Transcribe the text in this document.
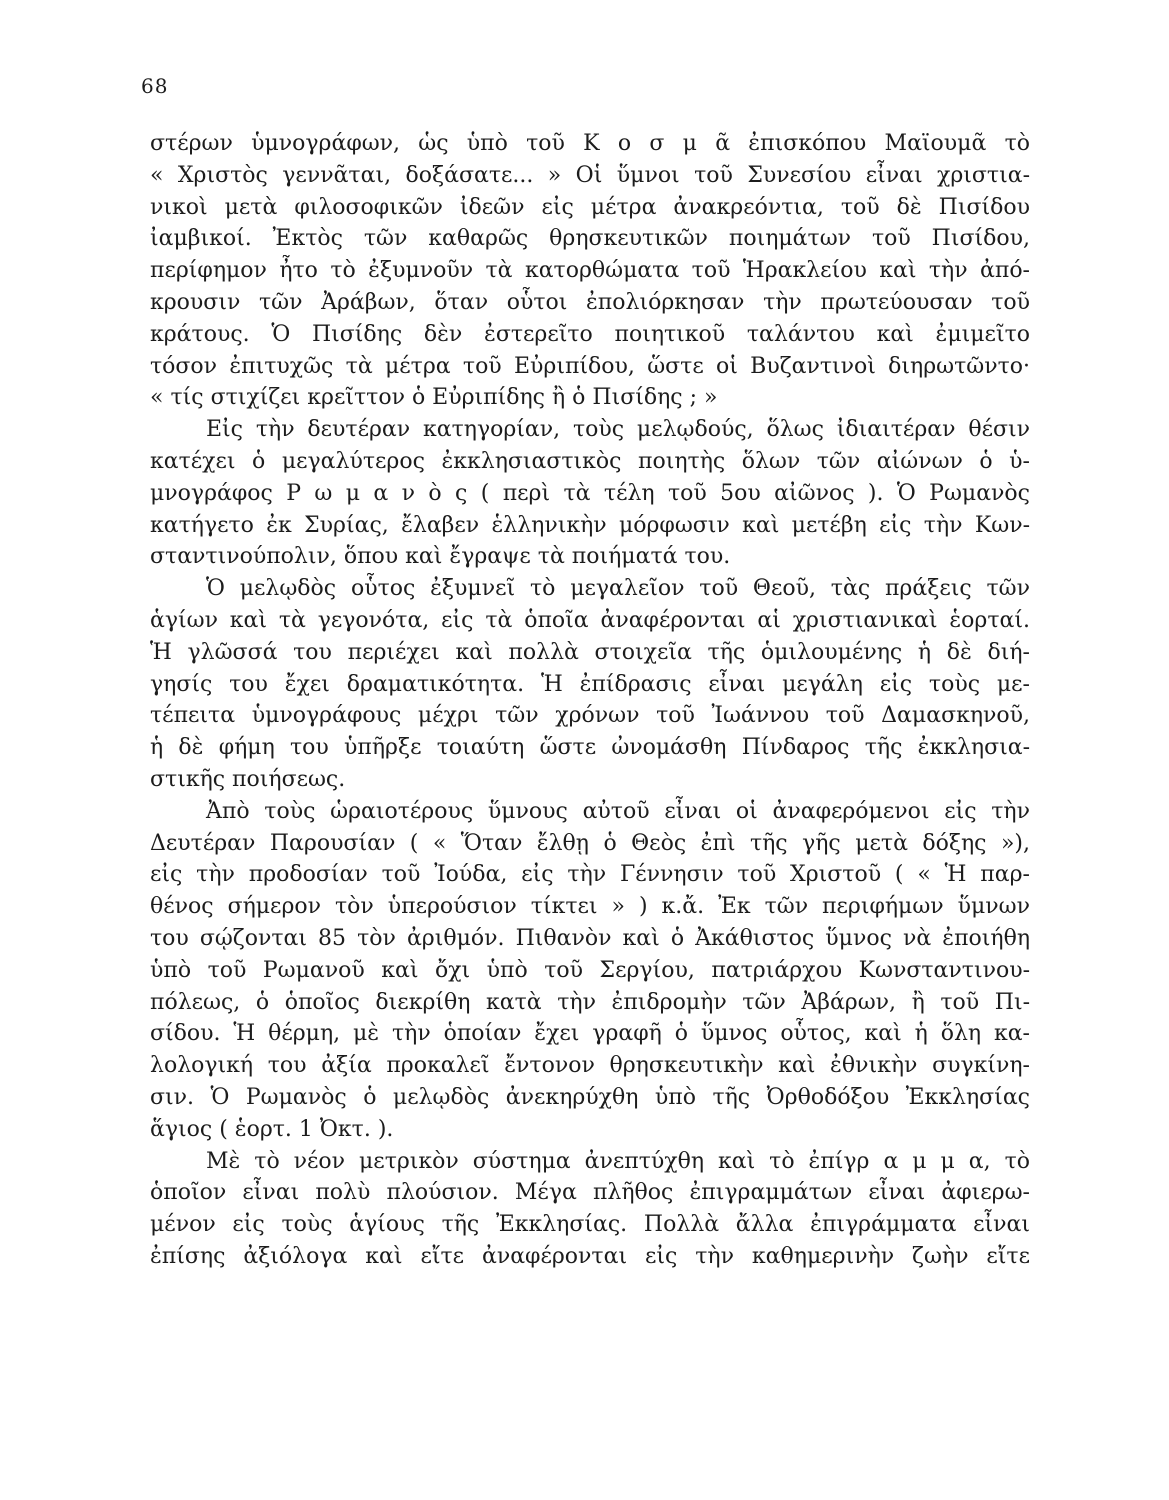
68
στέρων ὑμνογράφων, ὡς ὑπὸ τοῦ Κ ο σ μ ᾶ ἐπισκόπου Μαϊουμᾶ τὸ
« Χριστὸς γεννᾶται, δοξάσατε... » Οἱ ὕμνοι τοῦ Συνεσίου εἶναι χριστια-
νικοὶ μετὰ φιλοσοφικῶν ἰδεῶν εἰς μέτρα ἀνακρεόντια, τοῦ δὲ Πισίδου
ἰαμβικοί. Ἐκτὸς τῶν καθαρῶς θρησκευτικῶν ποιημάτων τοῦ Πισίδου,
περίφημον ἦτο τὸ ἐξυμνοῦν τὰ κατορθώματα τοῦ Ἡρακλείου καὶ τὴν ἀπό-
κρουσιν τῶν Ἀράβων, ὅταν οὗτοι ἐπολιόρκησαν τὴν πρωτεύουσαν τοῦ
κράτους. Ὁ Πισίδης δὲν ἐστερεῖτο ποιητικοῦ ταλάντου καὶ ἐμιμεῖτο
τόσον ἐπιτυχῶς τὰ μέτρα τοῦ Εὐριπίδου, ὥστε οἱ Βυζαντινοὶ διηρωτῶντο·
« τίς στιχίζει κρεῖττον ὁ Εὐριπίδης ἢ ὁ Πισίδης ; »
Εἰς τὴν δευτέραν κατηγορίαν, τοὺς μελῳδούς, ὅλως ἰδιαιτέραν θέσιν
κατέχει ὁ μεγαλύτερος ἐκκλησιαστικὸς ποιητὴς ὅλων τῶν αἰώνων ὁ ὑ-
μνογράφος Ρ ω μ α ν ὸ ς ( περὶ τὰ τέλη τοῦ 5ου αἰῶνος ). Ὁ Ρωμανὸς
κατήγετο ἐκ Συρίας, ἔλαβεν ἑλληνικὴν μόρφωσιν καὶ μετέβη εἰς τὴν Κων-
σταντινούπολιν, ὅπου καὶ ἔγραψε τὰ ποιήματά του.
Ὁ μελῳδὸς οὗτος ἐξυμνεῖ τὸ μεγαλεῖον τοῦ Θεοῦ, τὰς πράξεις τῶν
ἁγίων καὶ τὰ γεγονότα, εἰς τὰ ὁποῖα ἀναφέρονται αἱ χριστιανικαὶ ἑορταί.
Ἡ γλῶσσά του περιέχει καὶ πολλὰ στοιχεῖα τῆς ὁμιλουμένης ἡ δὲ διή-
γησίς του ἔχει δραματικότητα. Ἡ ἐπίδρασις εἶναι μεγάλη εἰς τοὺς με-
τέπειτα ὑμνογράφους μέχρι τῶν χρόνων τοῦ Ἰωάννου τοῦ Δαμασκηνοῦ,
ἡ δὲ φήμη του ὑπῆρξε τοιαύτη ὥστε ὠνομάσθη Πίνδαρος τῆς ἐκκλησια-
στικῆς ποιήσεως.
Ἀπὸ τοὺς ὡραιοτέρους ὕμνους αὐτοῦ εἶναι οἱ ἀναφερόμενοι εἰς τὴν
Δευτέραν Παρουσίαν ( « Ὅταν ἔλθῃ ὁ Θεὸς ἐπὶ τῆς γῆς μετὰ δόξης »),
εἰς τὴν προδοσίαν τοῦ Ἰούδα, εἰς τὴν Γέννησιν τοῦ Χριστοῦ ( « Ἡ παρ-
θένος σήμερον τὸν ὑπερούσιον τίκτει » ) κ.ἄ. Ἐκ τῶν περιφήμων ὕμνων
του σῴζονται 85 τὸν ἀριθμόν. Πιθανὸν καὶ ὁ Ἀκάθιστος ὕμνος νὰ ἐποιήθη
ὑπὸ τοῦ Ρωμανοῦ καὶ ὄχι ὑπὸ τοῦ Σεργίου, πατριάρχου Κωνσταντινου-
πόλεως, ὁ ὁποῖος διεκρίθη κατὰ τὴν ἐπιδρομὴν τῶν Ἀβάρων, ἢ τοῦ Πι-
σίδου. Ἡ θέρμη, μὲ τὴν ὁποίαν ἔχει γραφῆ ὁ ὕμνος οὗτος, καὶ ἡ ὅλη κα-
λολογική του ἀξία προκαλεῖ ἔντονον θρησκευτικὴν καὶ ἐθνικὴν συγκίνη-
σιν. Ὁ Ρωμανὸς ὁ μελῳδὸς ἀνεκηρύχθη ὑπὸ τῆς Ὀρθοδόξου Ἐκκλησίας
ἅγιος ( ἑορτ. 1 Ὀκτ. ).
Μὲ τὸ νέον μετρικὸν σύστημα ἀνεπτύχθη καὶ τὸ ἐπίγρ α μ μ α, τὸ
ὁποῖον εἶναι πολὺ πλούσιον. Μέγα πλῆθος ἐπιγραμμάτων εἶναι ἀφιερω-
μένον εἰς τοὺς ἁγίους τῆς Ἐκκλησίας. Πολλὰ ἄλλα ἐπιγράμματα εἶναι
ἐπίσης ἀξιόλογα καὶ εἴτε ἀναφέρονται εἰς τὴν καθημερινὴν ζωὴν εἴτε
